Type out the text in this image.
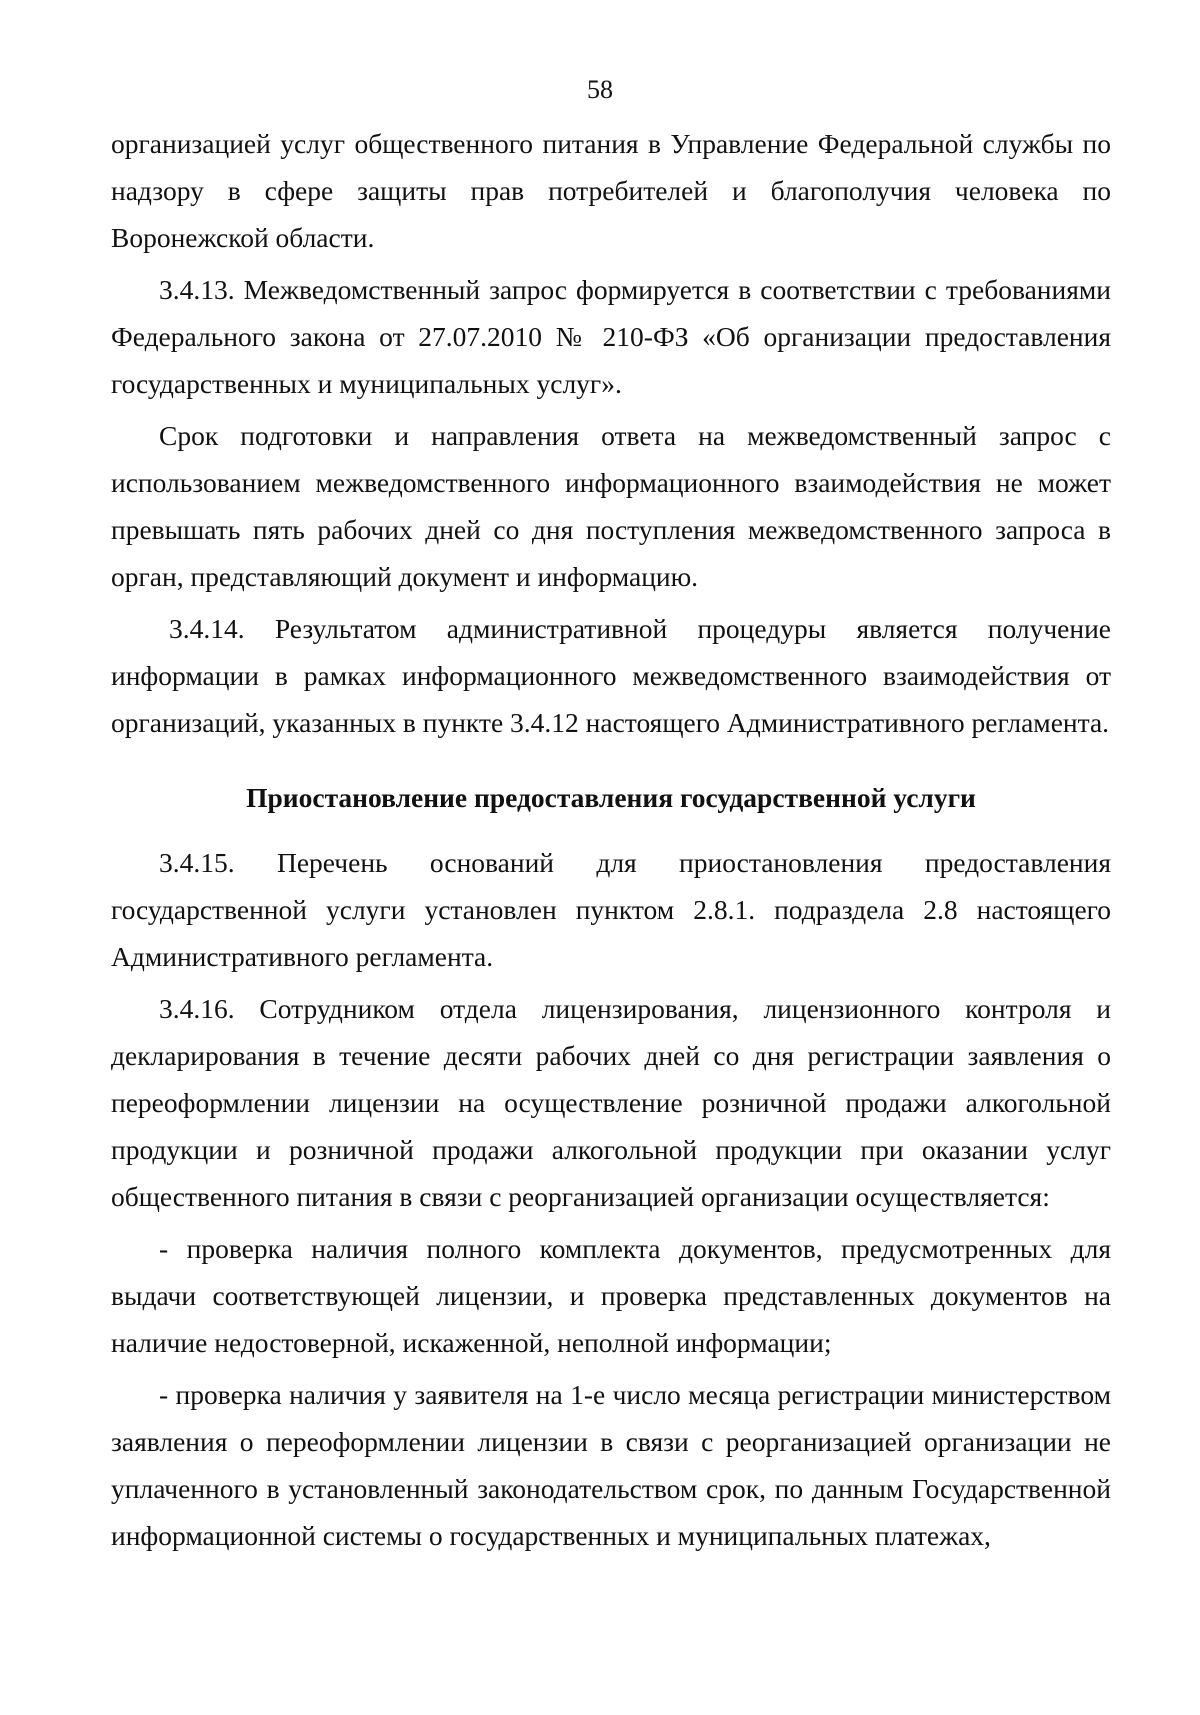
58

организацией услуг общественного питания в Управление Федеральной службы по надзору в сфере защиты прав потребителей и благополучия человека по Воронежской области.

3.4.13. Межведомственный запрос формируется в соответствии с требованиями Федерального закона от 27.07.2010 № 210-ФЗ «Об организации предоставления государственных и муниципальных услуг».

Срок подготовки и направления ответа на межведомственный запрос с использованием межведомственного информационного взаимодействия не может превышать пять рабочих дней со дня поступления межведомственного запроса в орган, представляющий документ и информацию.

3.4.14. Результатом административной процедуры является получение информации в рамках информационного межведомственного взаимодействия от организаций, указанных в пункте 3.4.12 настоящего Административного регламента.

Приостановление предоставления государственной услуги

3.4.15. Перечень оснований для приостановления предоставления государственной услуги установлен пунктом 2.8.1. подраздела 2.8 настоящего Административного регламента.

3.4.16. Сотрудником отдела лицензирования, лицензионного контроля и декларирования в течение десяти рабочих дней со дня регистрации заявления о переоформлении лицензии на осуществление розничной продажи алкогольной продукции и розничной продажи алкогольной продукции при оказании услуг общественного питания в связи с реорганизацией организации осуществляется:

- проверка наличия полного комплекта документов, предусмотренных для выдачи соответствующей лицензии, и проверка представленных документов на наличие недостоверной, искаженной, неполной информации;

- проверка наличия у заявителя на 1-е число месяца регистрации министерством заявления о переоформлении лицензии в связи с реорганизацией организации не уплаченного в установленный законодательством срок, по данным Государственной информационной системы о государственных и муниципальных платежах,
